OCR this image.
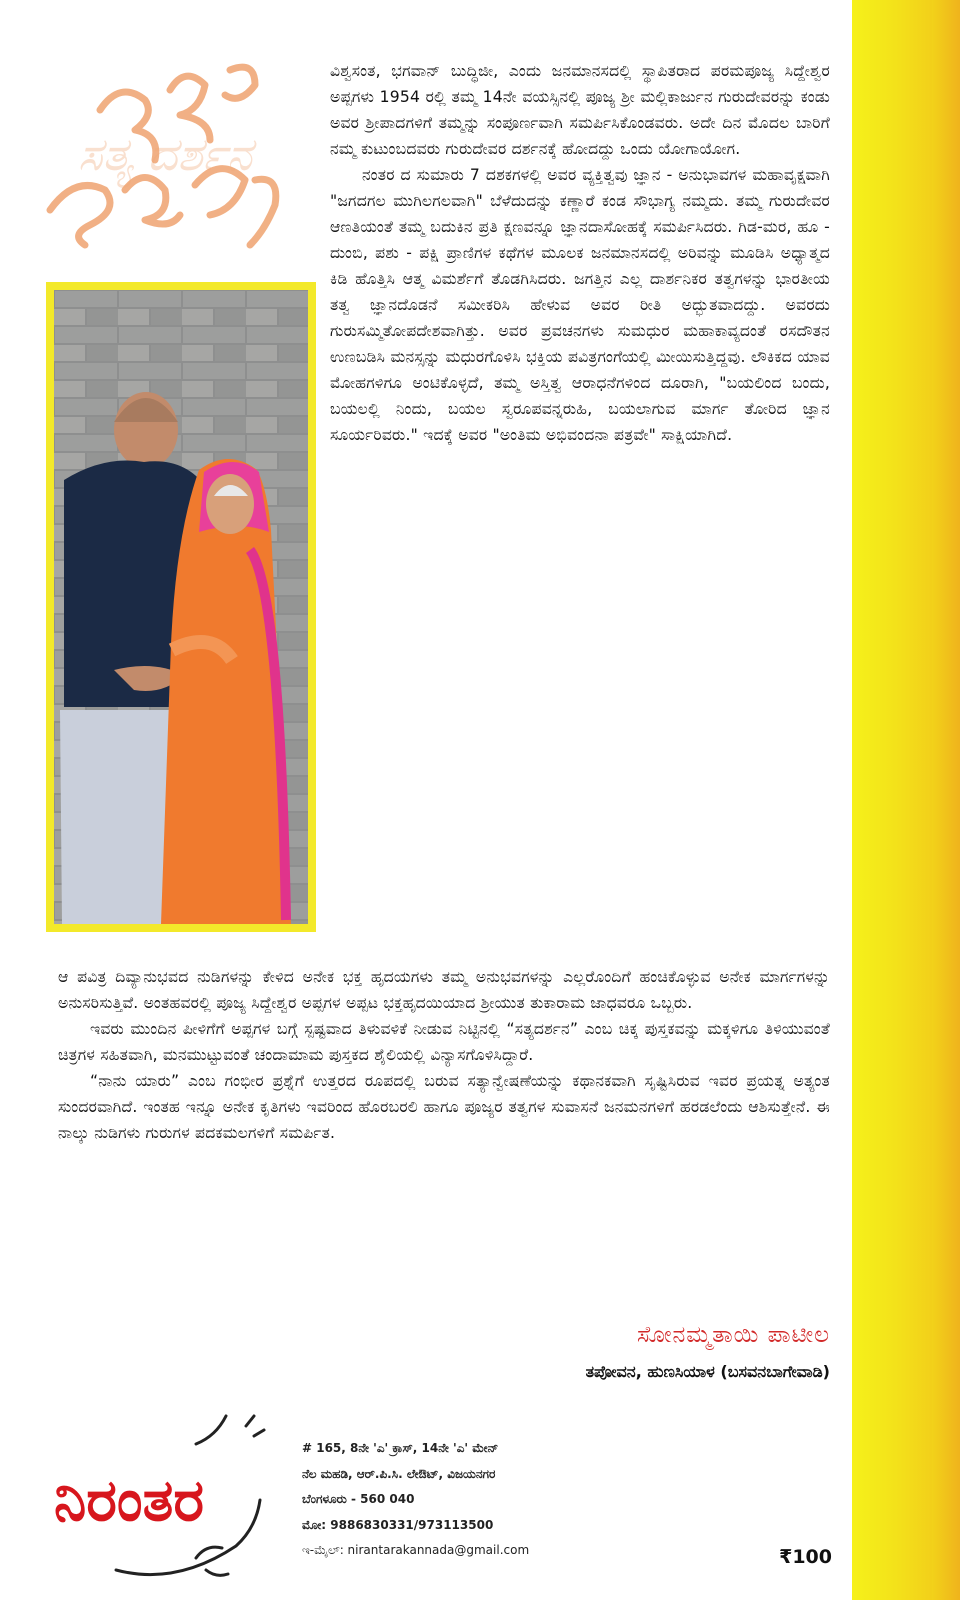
ಸತ್ಯ ದರ್ಶನ

ವಿಶ್ವಸಂತ, ಭಗವಾನ್ ಬುದ್ಧಿಜೀ, ಎಂದು ಜನಮಾನಸದಲ್ಲಿ ಸ್ಥಾಪಿತರಾದ ಪರಮಪೂಜ್ಯ ಸಿದ್ದೇಶ್ವರ ಅಪ್ಪಗಳು 1954 ರಲ್ಲಿ ತಮ್ಮ 14ನೇ ವಯಸ್ಸಿನಲ್ಲಿ ಪೂಜ್ಯ ಶ್ರೀ ಮಲ್ಲಿಕಾರ್ಜುನ ಗುರುದೇವರನ್ನು ಕಂಡು ಅವರ ಶ್ರೀಪಾದಗಳಿಗೆ ತಮ್ಮನ್ನು ಸಂಪೂರ್ಣವಾಗಿ ಸಮರ್ಪಿಸಿಕೊಂಡವರು. ಅದೇ ದಿನ ಮೊದಲ ಬಾರಿಗೆ ನಮ್ಮ ಕುಟುಂಬದವರು ಗುರುದೇವರ ದರ್ಶನಕ್ಕೆ ಹೋದದ್ದು ಒಂದು ಯೋಗಾಯೋಗ.

ನಂತರ ದ ಸುಮಾರು 7 ದಶಕಗಳಲ್ಲಿ ಅವರ ವ್ಯಕ್ತಿತ್ವವು ಜ್ಞಾನ - ಅನುಭಾವಗಳ ಮಹಾವೃಕ್ಷವಾಗಿ "ಜಗದಗಲ ಮುಗಿಲಗಲವಾಗಿ" ಬೆಳೆದುದನ್ನು ಕಣ್ಣಾರೆ ಕಂಡ ಸೌಭಾಗ್ಯ ನಮ್ಮದು. ತಮ್ಮ ಗುರುದೇವರ ಆಣತಿಯಂತೆ ತಮ್ಮ ಬದುಕಿನ ಪ್ರತಿ ಕ್ಷಣವನ್ನೂ ಜ್ಞಾನದಾಸೋಹಕ್ಕೆ ಸಮರ್ಪಿಸಿದರು. ಗಿಡ-ಮರ, ಹೂ - ದುಂಬಿ, ಪಶು - ಪಕ್ಷಿ ಪ್ರಾಣಿಗಳ ಕಥೆಗಳ ಮೂಲಕ ಜನಮಾನಸದಲ್ಲಿ ಅರಿವನ್ನು ಮೂಡಿಸಿ ಅಧ್ಯಾತ್ಮದ ಕಿಡಿ ಹೊತ್ತಿಸಿ ಆತ್ಮ ವಿಮರ್ಶೆಗೆ ತೊಡಗಿಸಿದರು. ಜಗತ್ತಿನ ಎಲ್ಲ ದಾರ್ಶನಿಕರ ತತ್ವಗಳನ್ನು ಭಾರತೀಯ ತತ್ವ ಜ್ಞಾನದೊಡನೆ ಸಮೀಕರಿಸಿ ಹೇಳುವ ಅವರ ರೀತಿ ಅದ್ಭುತವಾದದ್ದು. ಅವರದು ಗುರುಸಮ್ಮಿತೋಪದೇಶವಾಗಿತ್ತು. ಅವರ ಪ್ರವಚನಗಳು ಸುಮಧುರ ಮಹಾಕಾವ್ಯದಂತೆ ರಸದೌತನ ಉಣಬಡಿಸಿ ಮನಸ್ಸನ್ನು ಮಧುರಗೊಳಿಸಿ ಭಕ್ತಿಯ ಪವಿತ್ರಗಂಗೆಯಲ್ಲಿ ಮೀಯಿಸುತ್ತಿದ್ದವು. ಲೌಕಿಕದ ಯಾವ ಮೋಹಗಳಿಗೂ ಅಂಟಿಕೊಳ್ಳದೆ, ತಮ್ಮ ಅಸ್ತಿತ್ವ ಆರಾಧನೆಗಳಿಂದ ದೂರಾಗಿ, "ಬಯಲಿಂದ ಬಂದು, ಬಯಲಲ್ಲಿ ನಿಂದು, ಬಯಲ ಸ್ವರೂಪವನ್ನರುಹಿ, ಬಯಲಾಗುವ ಮಾರ್ಗ ತೋರಿದ ಜ್ಞಾನ ಸೂರ್ಯರಿವರು." ಇದಕ್ಕೆ ಅವರ "ಅಂತಿಮ ಅಭಿವಂದನಾ ಪತ್ರವೇ" ಸಾಕ್ಷಿಯಾಗಿದೆ.

ಆ ಪವಿತ್ರ ದಿವ್ಯಾನುಭವದ ನುಡಿಗಳನ್ನು ಕೇಳಿದ ಅನೇಕ ಭಕ್ತ ಹೃದಯಗಳು ತಮ್ಮ ಅನುಭವಗಳನ್ನು ಎಲ್ಲರೊಂದಿಗೆ ಹಂಚಿಕೊಳ್ಳುವ ಅನೇಕ ಮಾರ್ಗಗಳನ್ನು ಅನುಸರಿಸುತ್ತಿವೆ. ಅಂತಹವರಲ್ಲಿ ಪೂಜ್ಯ ಸಿದ್ದೇಶ್ವರ ಅಪ್ಪಗಳ ಅಪ್ಪಟ ಭಕ್ತಹೃದಯಿಯಾದ ಶ್ರೀಯುತ ತುಕಾರಾಮ ಜಾಧವರೂ ಒಬ್ಬರು.

ಇವರು ಮುಂದಿನ ಪೀಳಿಗೆಗೆ ಅಪ್ಪಗಳ ಬಗ್ಗೆ ಸ್ಪಷ್ಟವಾದ ತಿಳುವಳಿಕೆ ನೀಡುವ ನಿಟ್ಟಿನಲ್ಲಿ “ಸತ್ಯದರ್ಶನ” ಎಂಬ ಚಿಕ್ಕ ಪುಸ್ತಕವನ್ನು ಮಕ್ಕಳಿಗೂ ತಿಳಿಯುವಂತೆ ಚಿತ್ರಗಳ ಸಹಿತವಾಗಿ, ಮನಮುಟ್ಟುವಂತೆ ಚಂದಾಮಾಮ ಪುಸ್ತಕದ ಶೈಲಿಯಲ್ಲಿ ವಿನ್ಯಾಸಗೊಳಿಸಿದ್ದಾರೆ.

“ನಾನು ಯಾರು” ಎಂಬ ಗಂಭೀರ ಪ್ರಶ್ನೆಗೆ ಉತ್ತರದ ರೂಪದಲ್ಲಿ ಬರುವ ಸತ್ಯಾನ್ವೇಷಣೆಯನ್ನು ಕಥಾನಕವಾಗಿ ಸೃಷ್ಟಿಸಿರುವ ಇವರ ಪ್ರಯತ್ನ ಅತ್ಯಂತ ಸುಂದರವಾಗಿದೆ. ಇಂತಹ ಇನ್ನೂ ಅನೇಕ ಕೃತಿಗಳು ಇವರಿಂದ ಹೊರಬರಲಿ ಹಾಗೂ ಪೂಜ್ಯರ ತತ್ವಗಳ ಸುವಾಸನೆ ಜನಮನಗಳಿಗೆ ಹರಡಲೆಂದು ಆಶಿಸುತ್ತೇನೆ. ಈ ನಾಲ್ಕು ನುಡಿಗಳು ಗುರುಗಳ ಪದಕಮಲಗಳಿಗೆ ಸಮರ್ಪಿತ.

ಸೋನಮ್ಮತಾಯಿ ಪಾಟೀಲ
ತಪೋವನ, ಹುಣಸಿಯಾಳ (ಬಸವನಬಾಗೇವಾಡಿ)
ನಿರಂತರ
# 165, 8ನೇ 'ಎ' ಕ್ರಾಸ್, 14ನೇ 'ಎ' ಮೇನ್
ನೆಲ ಮಹಡಿ, ಆರ್.ಪಿ.ಸಿ. ಲೇಔಟ್, ವಿಜಯನಗರ
ಬೆಂಗಳೂರು - 560 040
ಮೋ: 9886830331/973113500
ಇ-ಮೈಲ್: nirantarakannada@gmail.com	₹100
